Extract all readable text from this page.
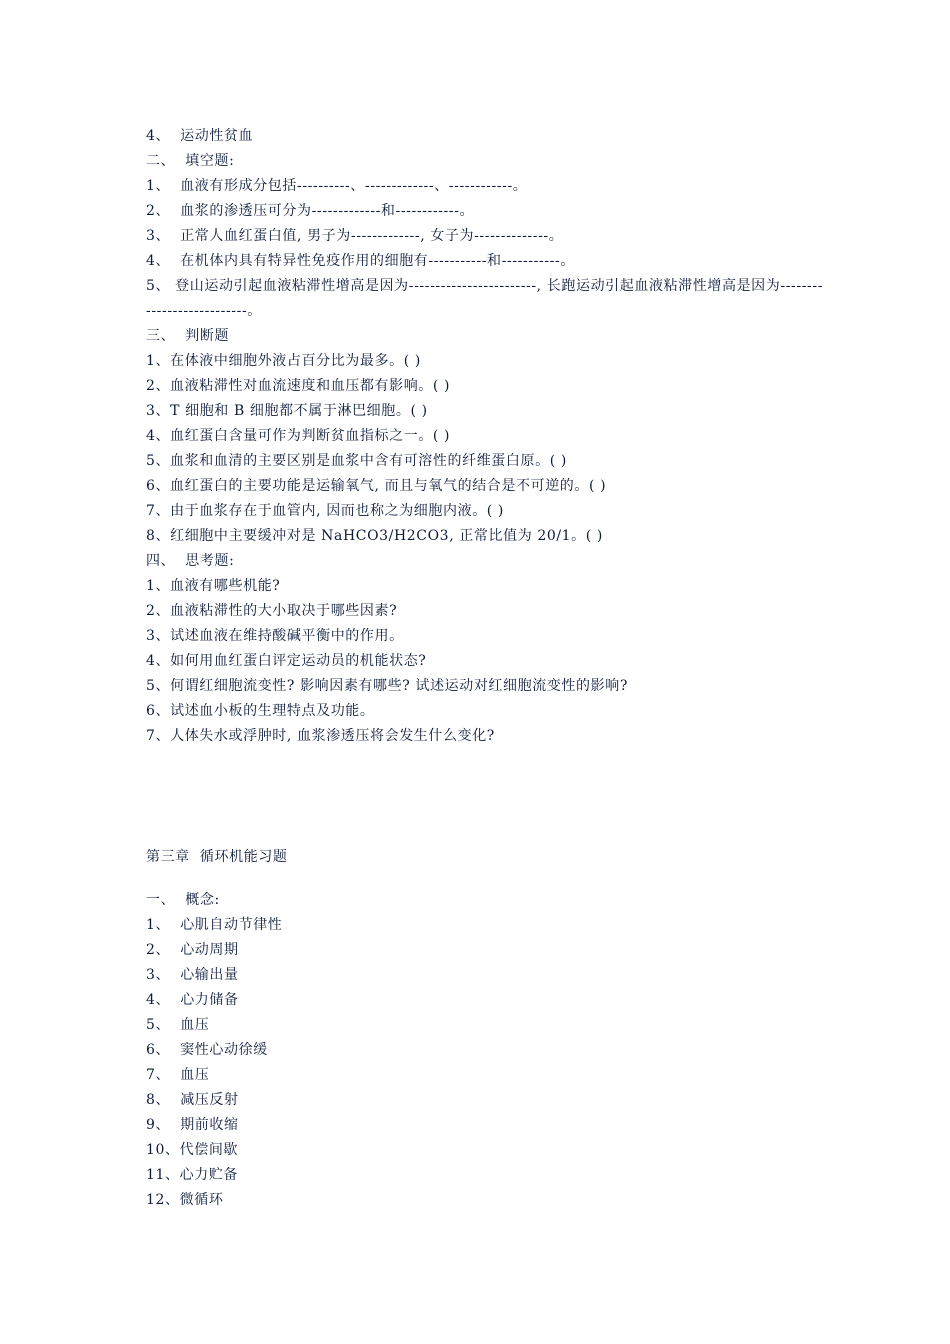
4、  运动性贫血
二、  填空题:
1、  血液有形成分包括----------、-------------、------------。
2、  血浆的渗透压可分为-------------和------------。
3、  正常人血红蛋白值, 男子为-------------, 女子为--------------。
4、  在机体内具有特异性免疫作用的细胞有-----------和-----------。
5、 登山运动引起血液粘滞性增高是因为------------------------, 长跑运动引起血液粘滞性增高是因为---------------------------。
三、  判断题
1、在体液中细胞外液占百分比为最多。( )
2、血液粘滞性对血流速度和血压都有影响。( )
3、T 细胞和 B 细胞都不属于淋巴细胞。( )
4、血红蛋白含量可作为判断贫血指标之一。( )
5、血浆和血清的主要区别是血浆中含有可溶性的纤维蛋白原。( )
6、血红蛋白的主要功能是运输氧气, 而且与氧气的结合是不可逆的。( )
7、由于血浆存在于血管内, 因而也称之为细胞内液。( )
8、红细胞中主要缓冲对是 NaHCO3/H2CO3, 正常比值为 20/1。( )
四、  思考题:
1、血液有哪些机能?
2、血液粘滞性的大小取决于哪些因素?
3、试述血液在维持酸碱平衡中的作用。
4、如何用血红蛋白评定运动员的机能状态?
5、何谓红细胞流变性? 影响因素有哪些? 试述运动对红细胞流变性的影响?
6、试述血小板的生理特点及功能。
7、人体失水或浮肿时, 血浆渗透压将会发生什么变化?
第三章  循环机能习题
一、  概念:
1、  心肌自动节律性
2、  心动周期
3、  心输出量
4、  心力储备
5、  血压
6、  窦性心动徐缓
7、  血压
8、  减压反射
9、  期前收缩
10、代偿间歇
11、心力贮备
12、微循环
